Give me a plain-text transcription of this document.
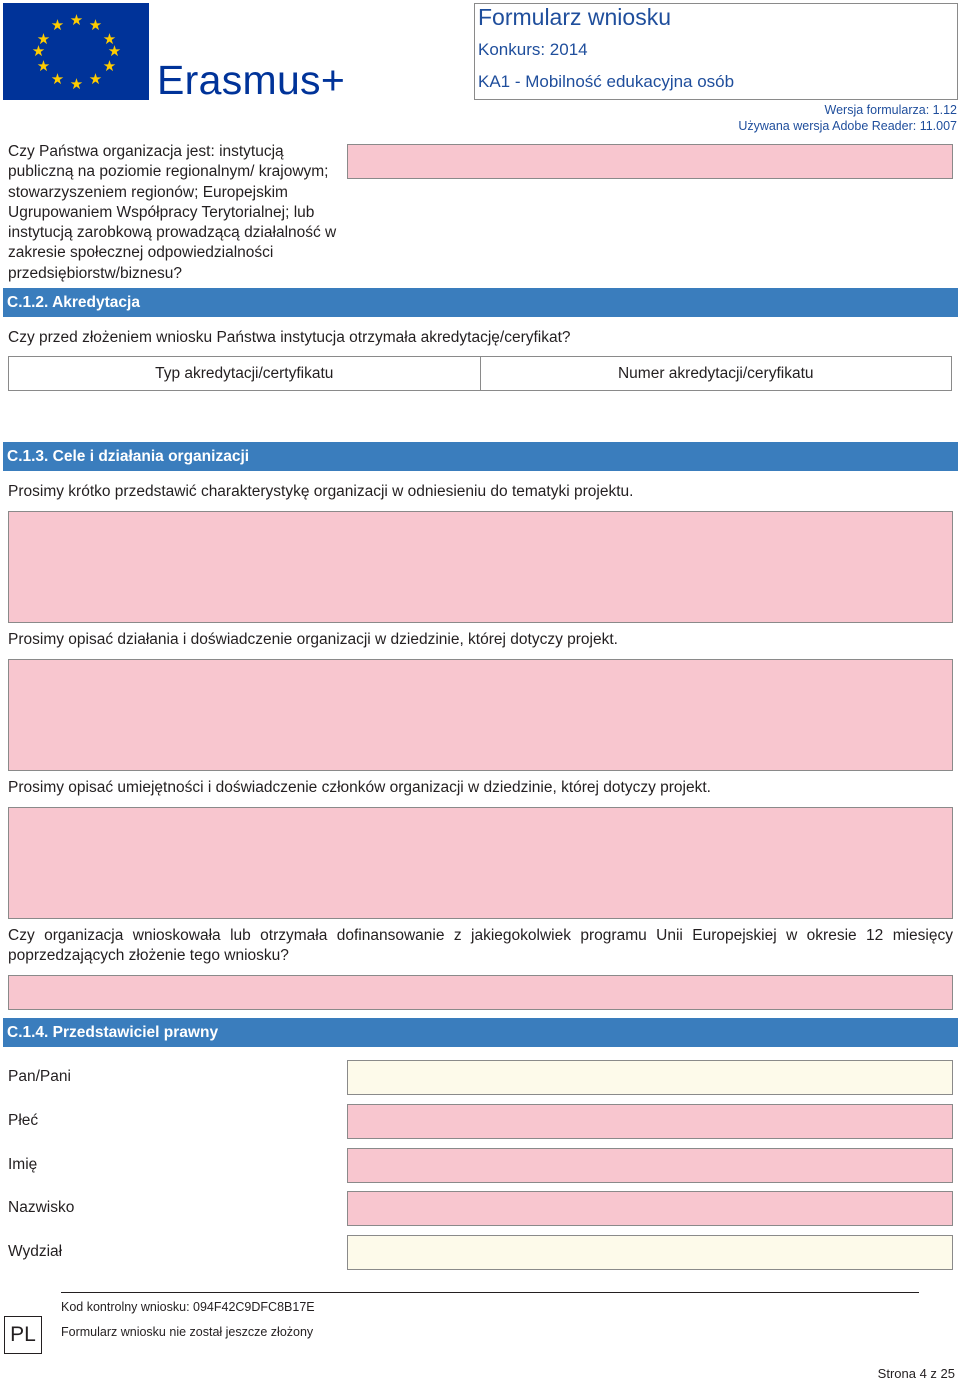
★ ★
★
★
★
★
★
★
★
★
★
★
Erasmus+
Formularz wniosku
Konkurs: 2014
KA1 - Mobilność edukacyjna osób
Wersja formularza: 1.12
Używana wersja Adobe Reader: 11.007
Czy Państwa organizacja jest: instytucją publiczną na poziomie regionalnym/ krajowym; stowarzyszeniem regionów; Europejskim Ugrupowaniem Współpracy Terytorialnej; lub instytucją zarobkową prowadzącą działalność w zakresie społecznej odpowiedzialności przedsiębiorstw/biznesu?
C.1.2. Akredytacja
Czy przed złożeniem wniosku Państwa instytucja otrzymała akredytację/ceryfikat?
Typ akredytacji/certyfikatu	Numer akredytacji/ceryfikatu
C.1.3. Cele i działania organizacji
Prosimy krótko przedstawić charakterystykę organizacji w odniesieniu do tematyki projektu.
Prosimy opisać działania i doświadczenie organizacji w dziedzinie, której dotyczy projekt.
Prosimy opisać umiejętności i doświadczenie członków organizacji w dziedzinie, której dotyczy projekt.
Czy organizacja wnioskowała lub otrzymała dofinansowanie z jakiegokolwiek programu Unii Europejskiej w okresie 12 miesięcy poprzedzających złożenie tego wniosku?
C.1.4. Przedstawiciel prawny
Pan/Pani
Płeć
Imię
Nazwisko
Wydział
PL
Kod kontrolny wniosku: 094F42C9DFC8B17E
Formularz wniosku nie został jeszcze złożony
Strona 4 z 25
